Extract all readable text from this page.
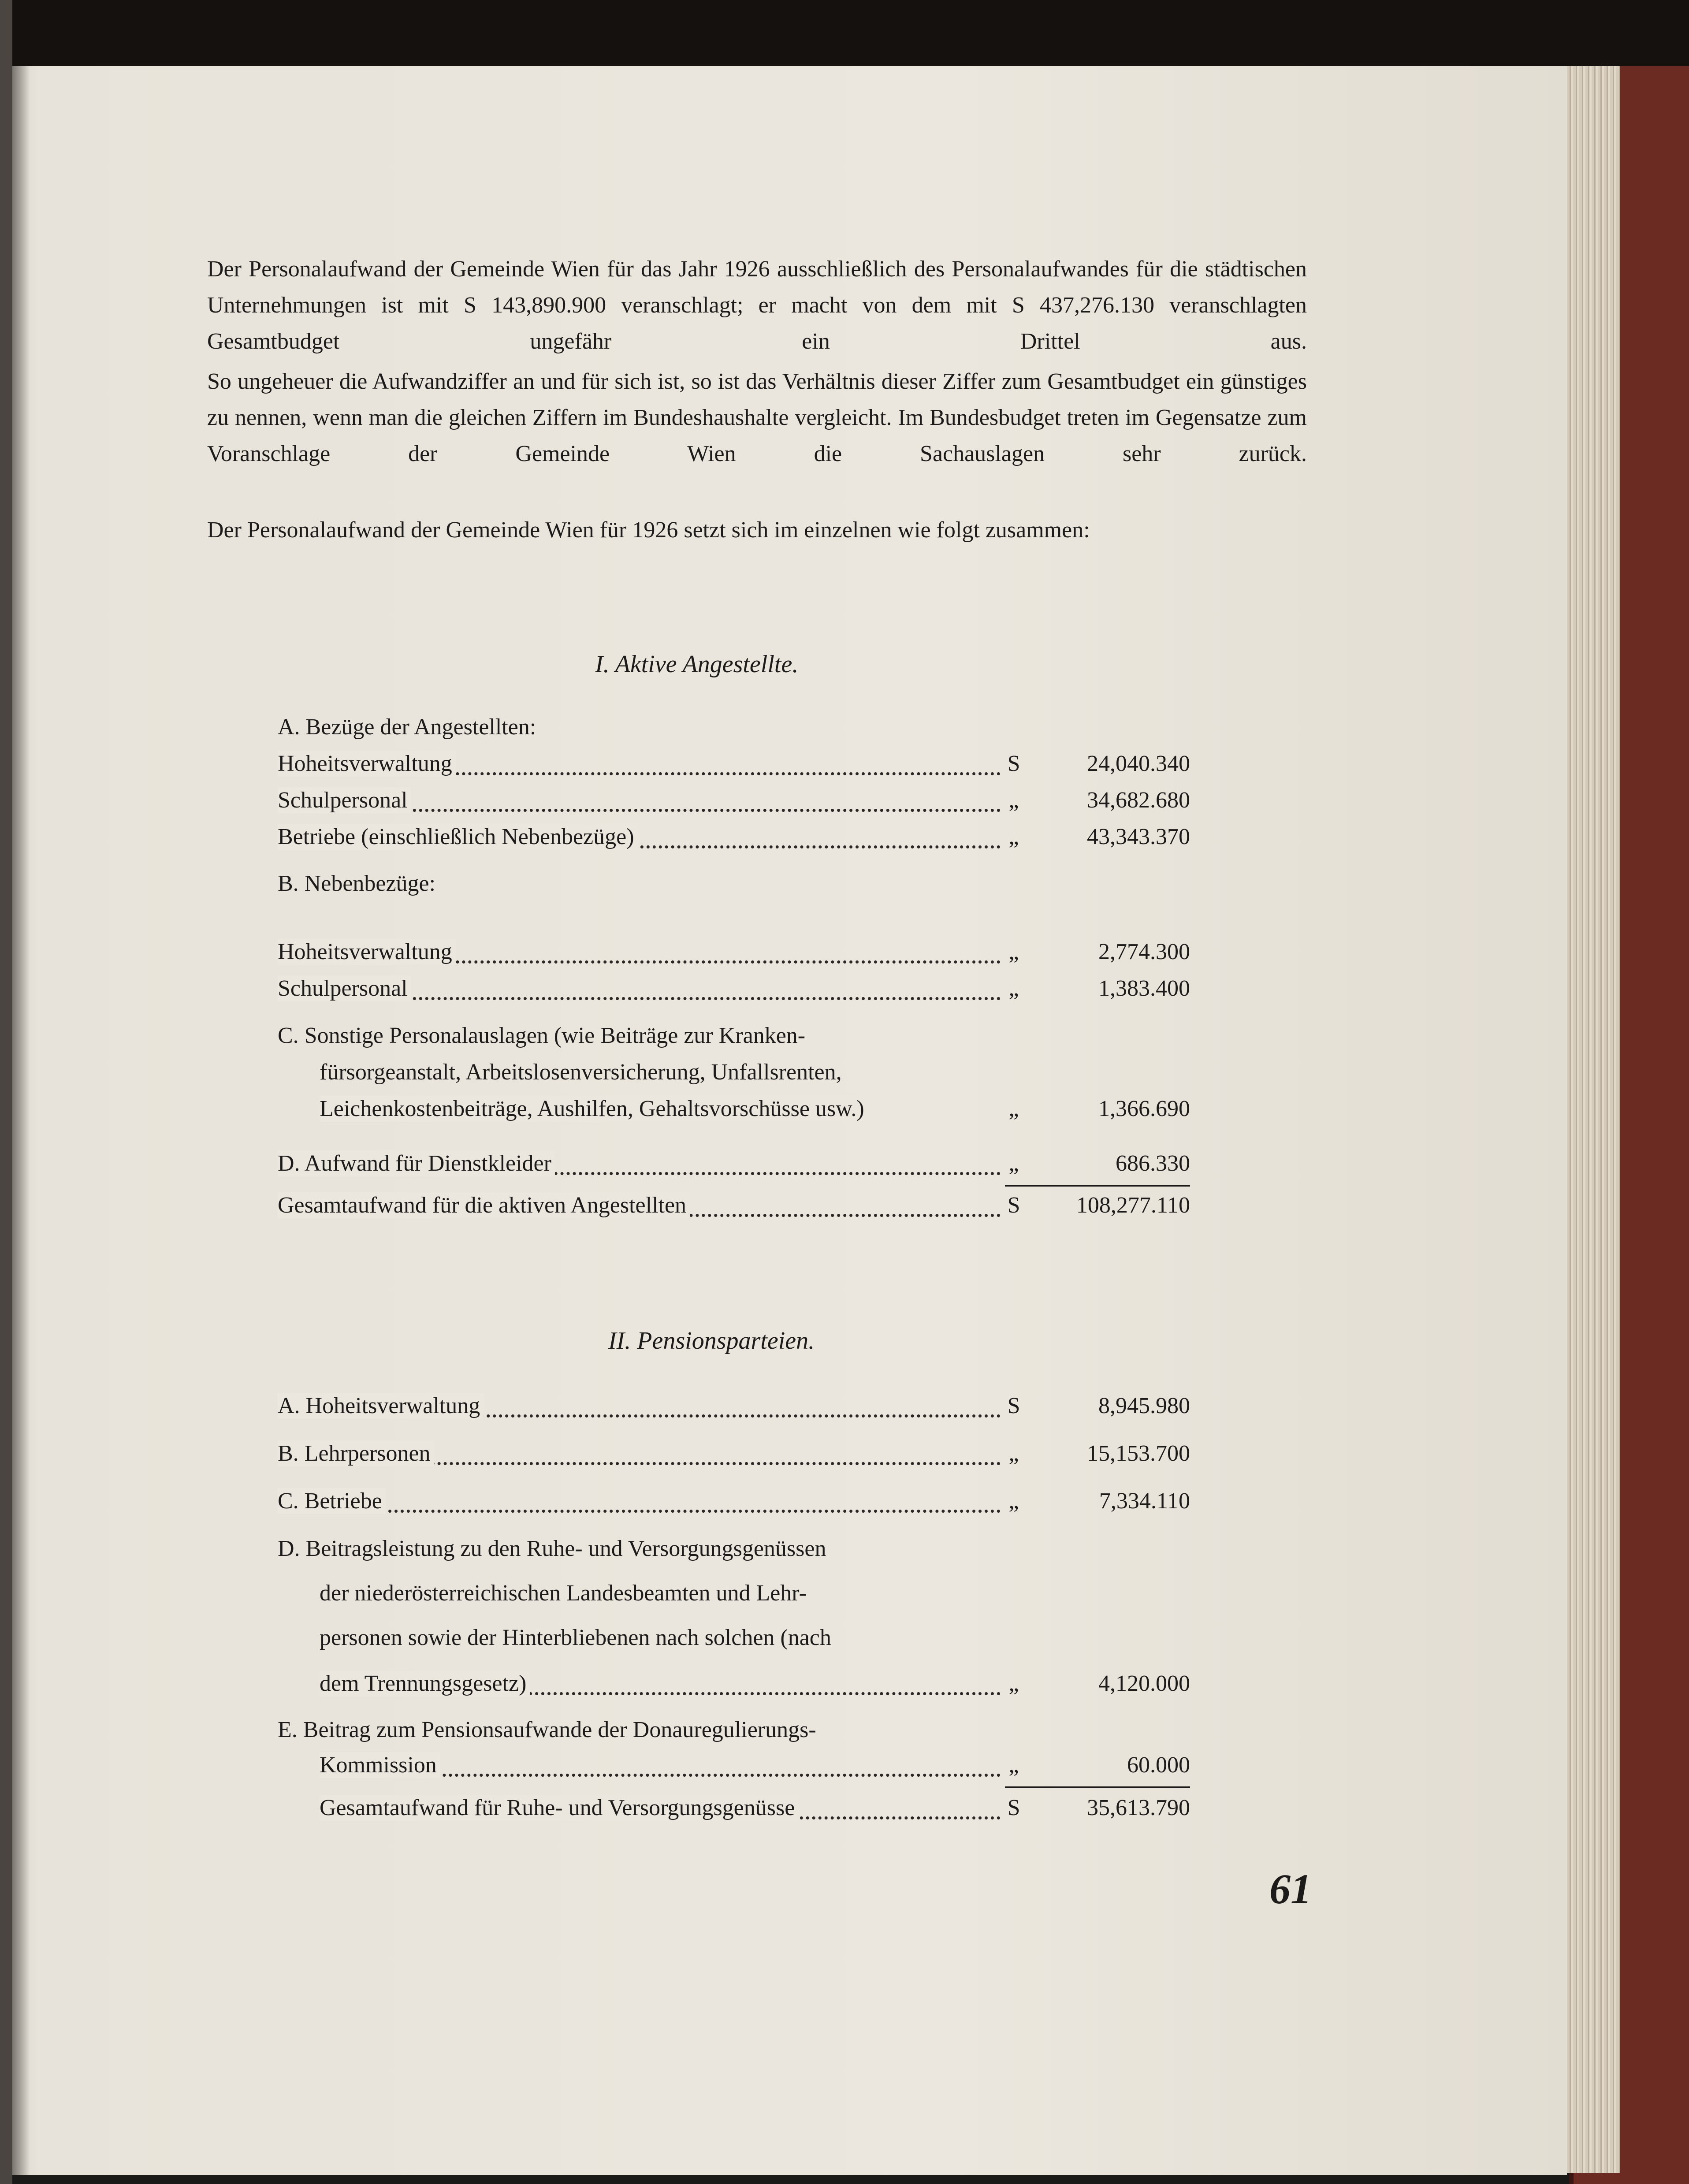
Der Personalaufwand der Gemeinde Wien für das Jahr 1926 ausschließlich des Personalaufwandes für die städtischen Unternehmungen ist mit S 143,890.900 veranschlagt; er macht von dem mit S 437,276.130 veranschlagten Gesamtbudget ungefähr ein Drittel aus.

So ungeheuer die Aufwandziffer an und für sich ist, so ist das Verhältnis dieser Ziffer zum Gesamtbudget ein günstiges zu nennen, wenn man die gleichen Ziffern im Bundeshaushalte vergleicht. Im Bundesbudget treten im Gegensatze zum Voranschlage der Gemeinde Wien die Sachauslagen sehr zurück.

Der Personalaufwand der Gemeinde Wien für 1926 setzt sich im einzelnen wie folgt zusammen:

I. Aktive Angestellte.
A. Bezüge der Angestellten:
Hoheitsverwaltung	S	24,040.340
Schulpersonal	„	34,682.680
Betriebe (einschließlich Nebenbezüge)	„	43,343.370
B. Nebenbezüge:
Hoheitsverwaltung	„	2,774.300
Schulpersonal	„	1,383.400
C. Sonstige Personalauslagen (wie Beiträge zur Kranken-
fürsorgeanstalt, Arbeitslosenversicherung, Unfallsrenten,
Leichenkostenbeiträge, Aushilfen, Gehaltsvorschüsse usw.)	„	1,366.690
D. Aufwand für Dienstkleider	„	686.330
Gesamtaufwand für die aktiven Angestellten	S	108,277.110
II. Pensionsparteien.
A. Hoheitsverwaltung	S	8,945.980
B. Lehrpersonen	„	15,153.700
C. Betriebe	„	7,334.110
D. Beitragsleistung zu den Ruhe- und Versorgungsgenüssen
der niederösterreichischen Landesbeamten und Lehr-
personen sowie der Hinterbliebenen nach solchen (nach
dem Trennungsgesetz)	„	4,120.000
E. Beitrag zum Pensionsaufwande der Donauregulierungs-
Kommission	„	60.000
Gesamtaufwand für Ruhe- und Versorgungsgenüsse	S	35,613.790
61
